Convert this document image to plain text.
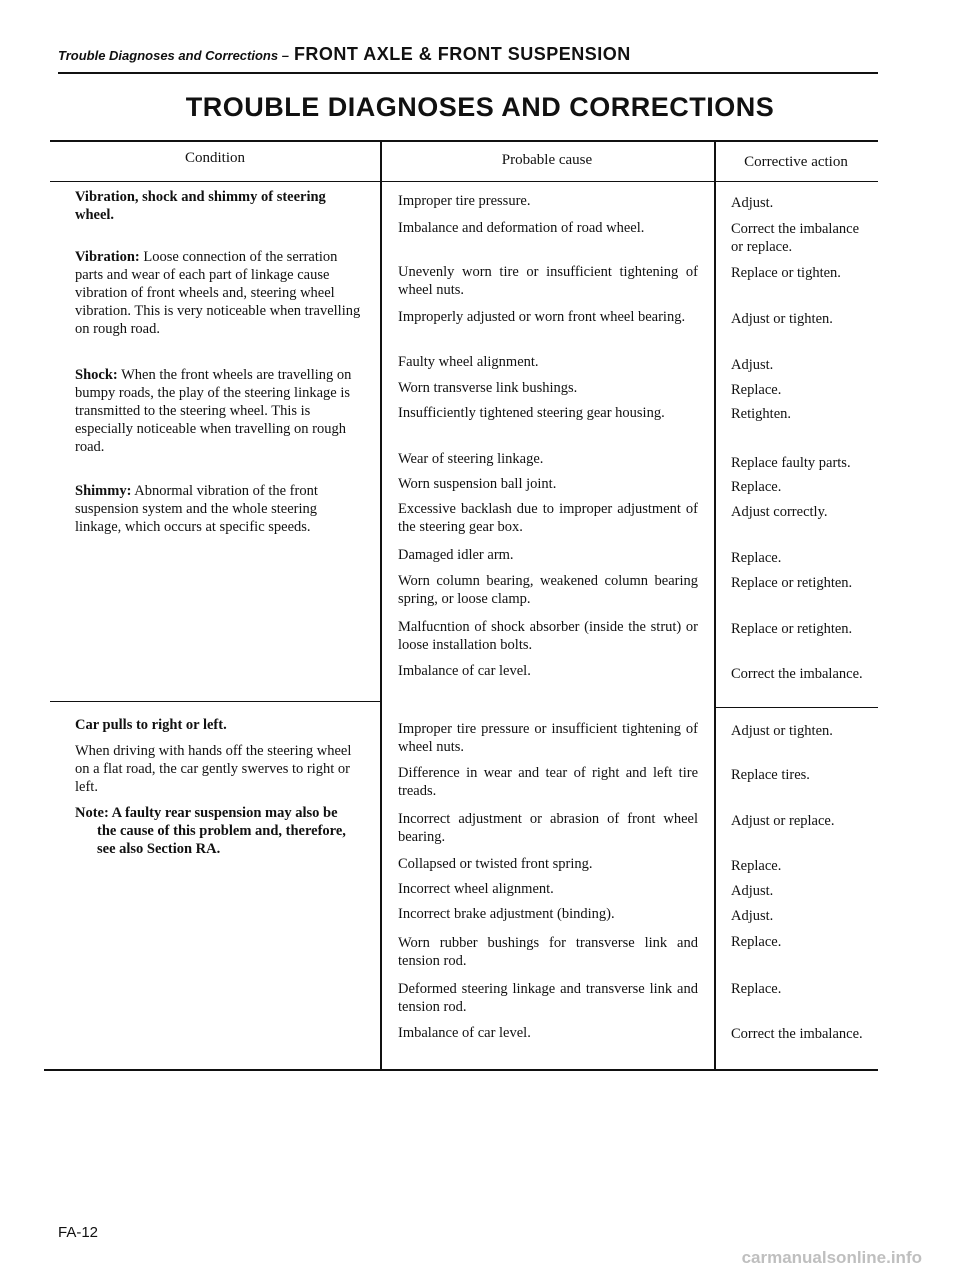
Trouble Diagnoses and Corrections – FRONT AXLE & FRONT SUSPENSION
TROUBLE DIAGNOSES AND CORRECTIONS
Condition	Probable cause	Corrective action
Vibration, shock and shimmy of steering wheel.
Vibration: Loose connection of the serration parts and wear of each part of linkage cause vibration of front wheels and, steering wheel vibration. This is very noticeable when travelling on rough road.
Shock: When the front wheels are travelling on bumpy roads, the play of the steering linkage is transmitted to the steering wheel. This is especially noticeable when travelling on rough road.
Shimmy: Abnormal vibration of the front suspension system and the whole steering linkage, which occurs at specific speeds.
Improper tire pressure.
Imbalance and deformation of road wheel.
Unevenly worn tire or insufficient tightening of wheel nuts.
Improperly adjusted or worn front wheel bearing.
Faulty wheel alignment.
Worn transverse link bushings.
Insufficiently tightened steering gear housing.
Wear of steering linkage.
Worn suspension ball joint.
Excessive backlash due to improper adjustment of the steering gear box.
Damaged idler arm.
Worn column bearing, weakened column bearing spring, or loose clamp.
Malfucntion of shock absorber (inside the strut) or loose installation bolts.
Imbalance of car level.
Adjust.
Correct the imbalance or replace.
Replace or tighten.
Adjust or tighten.
Adjust.
Replace.
Retighten.
Replace faulty parts.
Replace.
Adjust correctly.
Replace.
Replace or retighten.
Replace or retighten.
Correct the imbalance.
Car pulls to right or left.
When driving with hands off the steering wheel on a flat road, the car gently swerves to right or left.
Note: A faulty rear suspension may also be
the cause of this problem and, therefore, see also Section RA.
Improper tire pressure or insufficient tightening of wheel nuts.
Difference in wear and tear of right and left tire treads.
Incorrect adjustment or abrasion of front wheel bearing.
Collapsed or twisted front spring.
Incorrect wheel alignment.
Incorrect brake adjustment (binding).
Worn rubber bushings for transverse link and tension rod.
Deformed steering linkage and transverse link and tension rod.
Imbalance of car level.
Adjust or tighten.
Replace tires.
Adjust or replace.
Replace.
Adjust.
Adjust.
Replace.
Replace.
Correct the imbalance.
FA-12
carmanualsonline.info
